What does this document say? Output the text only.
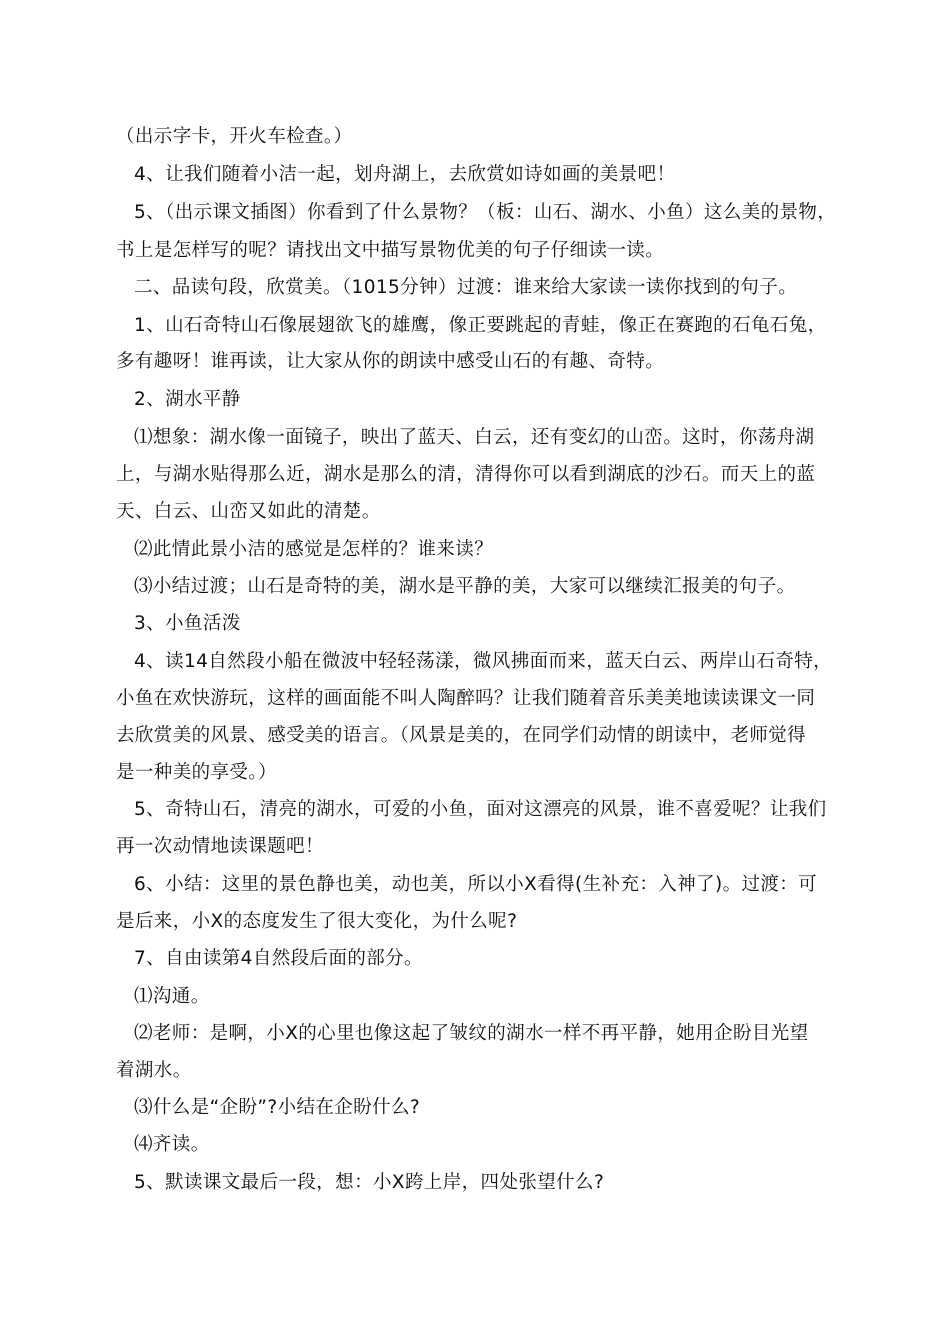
（出示字卡，开火车检查。）
4、让我们随着小洁一起，划舟湖上，去欣赏如诗如画的美景吧！
5、（出示课文插图）你看到了什么景物？（板：山石、湖水、小鱼）这么美的景物，
书上是怎样写的呢？请找出文中描写景物优美的句子仔细读一读。
二、品读句段，欣赏美。（1015分钟）过渡：谁来给大家读一读你找到的句子。
1、山石奇特山石像展翅欲飞的雄鹰，像正要跳起的青蛙，像正在赛跑的石龟石兔，
多有趣呀！谁再读，让大家从你的朗读中感受山石的有趣、奇特。
2、湖水平静
⑴想象：湖水像一面镜子，映出了蓝天、白云，还有变幻的山峦。这时，你荡舟湖
上，与湖水贴得那么近，湖水是那么的清，清得你可以看到湖底的沙石。而天上的蓝
天、白云、山峦又如此的清楚。
⑵此情此景小洁的感觉是怎样的？谁来读？
⑶小结过渡；山石是奇特的美，湖水是平静的美，大家可以继续汇报美的句子。
3、小鱼活泼
4、读14自然段小船在微波中轻轻荡漾，微风拂面而来，蓝天白云、两岸山石奇特，
小鱼在欢快游玩，这样的画面能不叫人陶醉吗？让我们随着音乐美美地读读课文一同
去欣赏美的风景、感受美的语言。（风景是美的，在同学们动情的朗读中，老师觉得
是一种美的享受。）
5、奇特山石，清亮的湖水，可爱的小鱼，面对这漂亮的风景，谁不喜爱呢？让我们
再一次动情地读课题吧！
6、小结：这里的景色静也美，动也美，所以小X看得(生补充：入神了)。过渡：可
是后来，小X的态度发生了很大变化，为什么呢?
7、自由读第4自然段后面的部分。
⑴沟通。
⑵老师：是啊，小X的心里也像这起了皱纹的湖水一样不再平静，她用企盼目光望
着湖水。
⑶什么是“企盼”?小结在企盼什么?
⑷齐读。
5、默读课文最后一段，想：小X跨上岸，四处张望什么?
